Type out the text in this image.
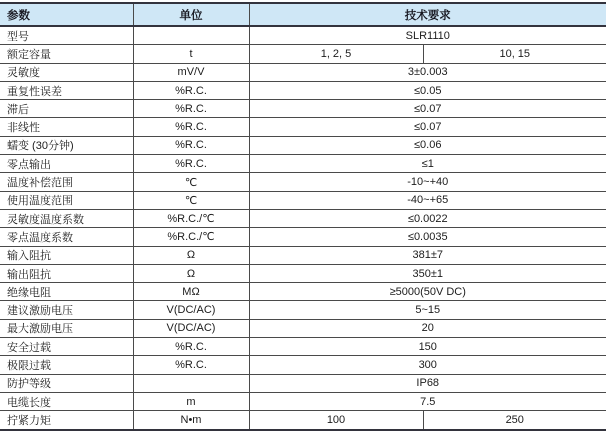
参数	单位	技术要求	
型号		SLR1110	
额定容量	t	1, 2, 5	10, 15
灵敏度	mV/V	3±0.003	
重复性误差	%R.C.	≤0.05	
滞后	%R.C.	≤0.07	
非线性	%R.C.	≤0.07	
蠕变 (30分钟)	%R.C.	≤0.06	
零点输出	%R.C.	≤1	
温度补偿范围	℃	-10~+40	
使用温度范围	℃	-40~+65	
灵敏度温度系数	%R.C./℃	≤0.0022	
零点温度系数	%R.C./℃	≤0.0035	
输入阻抗	Ω	381±7	
输出阻抗	Ω	350±1	
绝缘电阻	MΩ	≥5000(50V DC)	
建议激励电压	V(DC/AC)	5~15	
最大激励电压	V(DC/AC)	20	
安全过载	%R.C.	150	
极限过载	%R.C.	300	
防护等级		IP68	
电缆长度	m	7.5	
拧紧力矩	N•m	100	250
